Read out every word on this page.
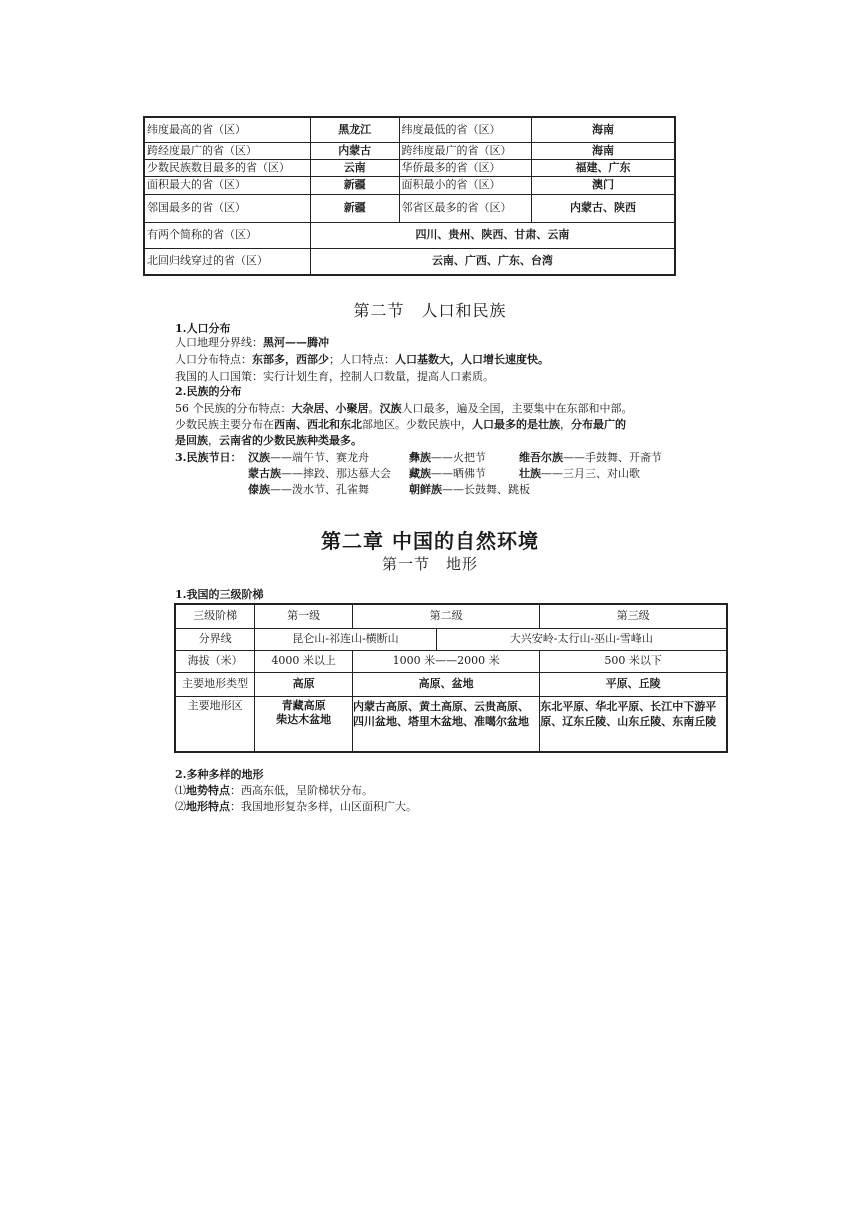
纬度最高的省（区）	黑龙江	纬度最低的省（区）	海南
跨经度最广的省（区）	内蒙古	跨纬度最广的省（区）	海南
少数民族数目最多的省（区）	云南	华侨最多的省（区）	福建、广东
面积最大的省（区）	新疆	面积最小的省（区）	澳门
邻国最多的省（区）	新疆	邻省区最多的省（区）	内蒙古、陕西
有两个简称的省（区）	四川、贵州、陕西、甘肃、云南		
北回归线穿过的省（区）	云南、广西、广东、台湾		
第二节　人口和民族
1.人口分布
人口地理分界线：黑河——腾冲
人口分布特点：东部多，西部少；人口特点：人口基数大，人口增长速度快。
我国的人口国策：实行计划生育，控制人口数量，提高人口素质。
2.民族的分布
56 个民族的分布特点：大杂居、小聚居。汉族人口最多，遍及全国，主要集中在东部和中部。
少数民族主要分布在西南、西北和东北部地区。少数民族中，人口最多的是壮族，分布最广的
是回族，云南省的少数民族种类最多。
3.民族节日： 汉族——端午节、赛龙舟	彝族——火把节	维吾尔族——手鼓舞、开斋节
蒙古族——摔跤、那达慕大会 藏族——晒佛节	壮族——三月三、对山歌
傣族——泼水节、孔雀舞	朝鲜族——长鼓舞、跳板
第二章 中国的自然环境
第一节　地形
1.我国的三级阶梯
三级阶梯	第一级	第二级		第三级
分界线	昆仑山-祁连山-横断山		大兴安岭-太行山-巫山-雪峰山	
海拔（米）	4000 米以上	1000 米——2000 米		500 米以下
主要地形类型	高原	高原、盆地		平原、丘陵
主要地形区	青藏高原
柴达木盆地	内蒙古高原、黄土高原、云贵高原、四川盆地、塔里木盆地、准噶尔盆地		东北平原、华北平原、长江中下游平原、辽东丘陵、山东丘陵、东南丘陵
2.多种多样的地形
⑴地势特点：西高东低，呈阶梯状分布。
⑵地形特点：我国地形复杂多样，山区面积广大。
